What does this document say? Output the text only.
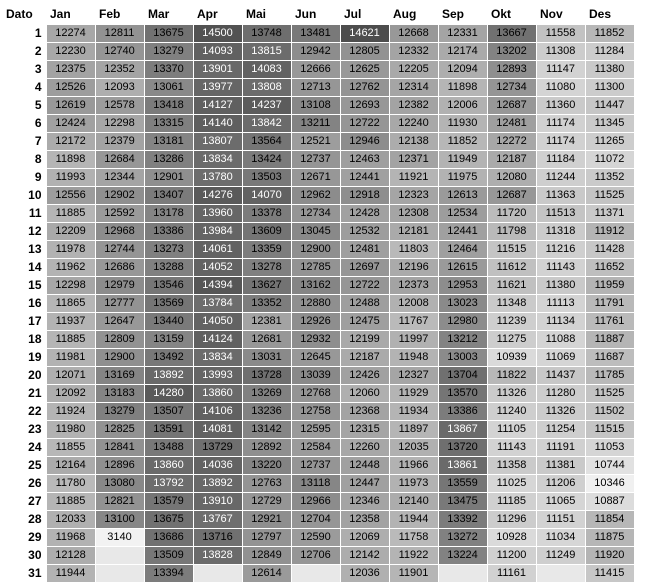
Dato	Jan	Feb	Mar	Apr	Mai	Jun	Jul	Aug	Sep	Okt	Nov	Des
1	12274	12811	13675	14500	13748	13481	14621	12668	12331	13667	11558	11852
2	12230	12740	13279	14093	13815	12942	12805	12332	12174	13202	11308	11284
3	12375	12352	13370	13901	14083	12666	12625	12205	12094	12893	11147	11380
4	12526	12093	13061	13977	13808	12713	12762	12314	11898	12734	11080	11300
5	12619	12578	13418	14127	14237	13108	12693	12382	12006	12687	11360	11447
6	12424	12298	13315	14140	13842	13211	12722	12240	11930	12481	11174	11345
7	12172	12379	13181	13807	13564	12521	12946	12138	11852	12272	11174	11265
8	11898	12684	13286	13834	13424	12737	12463	12371	11949	12187	11184	11072
9	11993	12344	12901	13780	13503	12671	12441	11921	11975	12080	11244	11352
10	12556	12902	13407	14276	14070	12962	12918	12323	12613	12687	11363	11525
11	11885	12592	13178	13960	13378	12734	12428	12308	12534	11720	11513	11371
12	12209	12968	13386	13984	13609	13045	12532	12181	12441	11798	11318	11912
13	11978	12744	13273	14061	13359	12900	12481	11803	12464	11515	11216	11428
14	11962	12686	13288	14052	13278	12785	12697	12196	12615	11612	11143	11652
15	12298	12979	13546	14394	13627	13162	12722	12373	12953	11621	11380	11959
16	11865	12777	13569	13784	13352	12880	12488	12008	13023	11348	11113	11791
17	11937	12647	13440	14050	12381	12926	12475	11767	12980	11239	11134	11761
18	11885	12809	13159	14124	12681	12932	12199	11997	13212	11275	11088	11887
19	11981	12900	13492	13834	13031	12645	12187	11948	13003	10939	11069	11687
20	12071	13169	13892	13993	13728	13039	12426	12327	13704	11822	11437	11785
21	12092	13183	14280	13860	13269	12768	12060	11929	13570	11326	11280	11525
22	11924	13279	13507	14106	13236	12758	12368	11934	13386	11240	11326	11502
23	11980	12825	13591	14081	13142	12595	12315	11897	13867	11105	11254	11515
24	11855	12841	13488	13729	12892	12584	12260	12035	13720	11143	11191	11053
25	12164	12896	13860	14036	13220	12737	12448	11966	13861	11358	11381	10744
26	11780	13080	13792	13892	12763	13118	12447	11973	13559	11025	11206	10346
27	11885	12821	13579	13910	12729	12966	12346	12140	13475	11185	11065	10887
28	12033	13100	13675	13767	12921	12704	12358	11944	13392	11296	11151	11854
29	11968	3140	13686	13716	12797	12590	12069	11758	13272	10928	11034	11875
30	12128		13509	13828	12849	12706	12142	11922	13224	11200	11249	11920
31	11944		13394		12614		12036	11901		11161		11415
